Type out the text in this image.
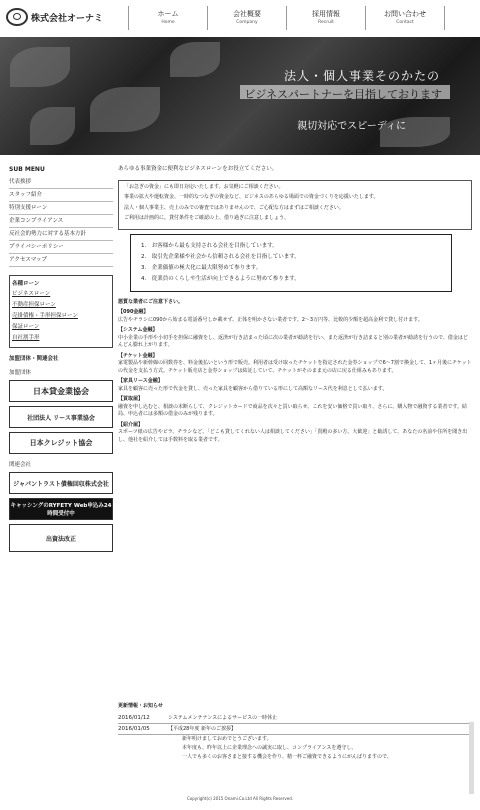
株式会社オーナミ	ホーム
Home
会社概要
Company
採用情報
Recruit
お問い合わせ
Contact
法人・個人事業そのかたの
ビジネスパートナーを目指しております
親切対応でスピーディに
SUB MENU
代表挨拶
スタッフ紹介
特別支援ローン
企業コンプライアンス
反社会的勢力に対する基本方針
プライバシーポリシー
アクセスマップ
各種ローン
ビジネスローン
不動産担保ローン
売掛債権・手形担保ローン
保証ローン
自社割手形
加盟団体・関連会社
加盟団体
日本貸金業協会
社団法人 リース事業協会
日本クレジット協会
関連会社
ジャパントラスト債権回収株式会社
キャッシングのRYFETY Web申込み24時間受付中
出資法改正
あらゆる事業資金に便利なビジネスローンをお役立てください。

「お急ぎの資金」にも即日対応いたします。お気軽にご相談ください。

事業の拡大や運転資金、一時的なつなぎの資金など、ビジネスのあらゆる場面での資金づくりを応援いたします。

法人・個人事業主、売上のみでの審査ではありませんので、ご心配な方はまずはご相談ください。

ご利用は計画的に。貸付条件をご確認の上、借り過ぎに注意しましょう。

1.　お客様から最も支持される会社を目指しています。
2.　取引先企業様や社会から信頼される会社を目指しています。
3.　企業価値の極大化に最大限努めて参ります。
4.　従業員のくらしや生活が向上できるように努めて参ります。

悪質な業者にご注意下さい。

【090金融】

広告やチラシに090から始まる電話番号しか載せず、正体を明かさない業者です。2〜3万円等、比較的少額を超高金利で貸し付けます。

【システム金融】

中小企業の手形や小切手を担保に融資をし、返済が行き詰まった頃に次の業者が勧誘を行い、また返済が行き詰まると別の業者が勧誘を行うので、借金はどんどん膨れ上がります。

【チケット金融】

家電製品や新幹線の回数券を、料金後払いという形で販売。利用者は受け取ったチケットを指定された金券ショップで6〜7割で換金して、1ヶ月後にチケットの代金を支払う方式。チケット販売店と金券ショップは結託していて、チケットがそのまま元の店に戻る仕組みもあります。

【家具リース金融】

家具を顧客に売った形で代金を貸し、売った家具を顧客から借りている形にして高額なリース代を利息として払います。

【買取屋】

融資を申し込むと、相談の末断らして、クレジットカードで商品を次々と買い取らせ、これを安い価格で買い取り、さらに、購入物で融資する業者です。結局、申込者には多額の借金のみが残ります。

【紹介屋】

スポーツ紙の広告やビラ、チラシなど、「どこも貸してくれない人は相談してください」「貴殿の多い方、大歓迎」と勧誘して、あなたの名前や住所を聞き出し、他社を紹介しては手数料を取る業者です。

更新情報・お知らせ
2016/01/12	システムメンテナンスによるサービスの一時休止
2016/01/05	【平成28年度 新年のご挨拶】
新年明けましておめでとうございます。
本年度も、昨年以上に企業理念への誠実に取し、コンプライアンスを遵守し、
一人でも多くのお客さまと接する機会を作り、精一杯ご融資できるようにがんばりますので、
Copyright(c) 2015 Onami.Co.Ltd All Rights Reserved.
